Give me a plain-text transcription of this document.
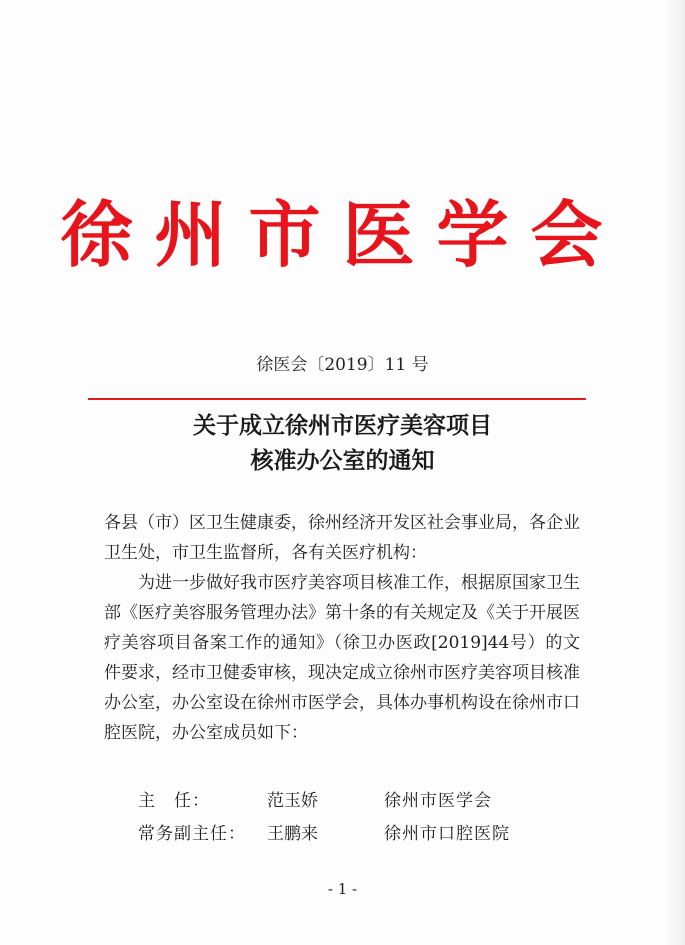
徐州市医学会
徐医会〔2019〕11 号
关于成立徐州市医疗美容项目
核准办公室的通知

各县（市）区卫生健康委，徐州经济开发区社会事业局，各企业卫生处，市卫生监督所，各有关医疗机构：

为进一步做好我市医疗美容项目核准工作，根据原国家卫生部《医疗美容服务管理办法》第十条的有关规定及《关于开展医疗美容项目备案工作的通知》（徐卫办医政[2019]44号）的文件要求，经市卫健委审核，现决定成立徐州市医疗美容项目核准办公室，办公室设在徐州市医学会，具体办事机构设在徐州市口腔医院，办公室成员如下：

主　任：	范玉娇	徐州市医学会
常务副主任： 王鹏来	徐州市口腔医院
- 1 -
